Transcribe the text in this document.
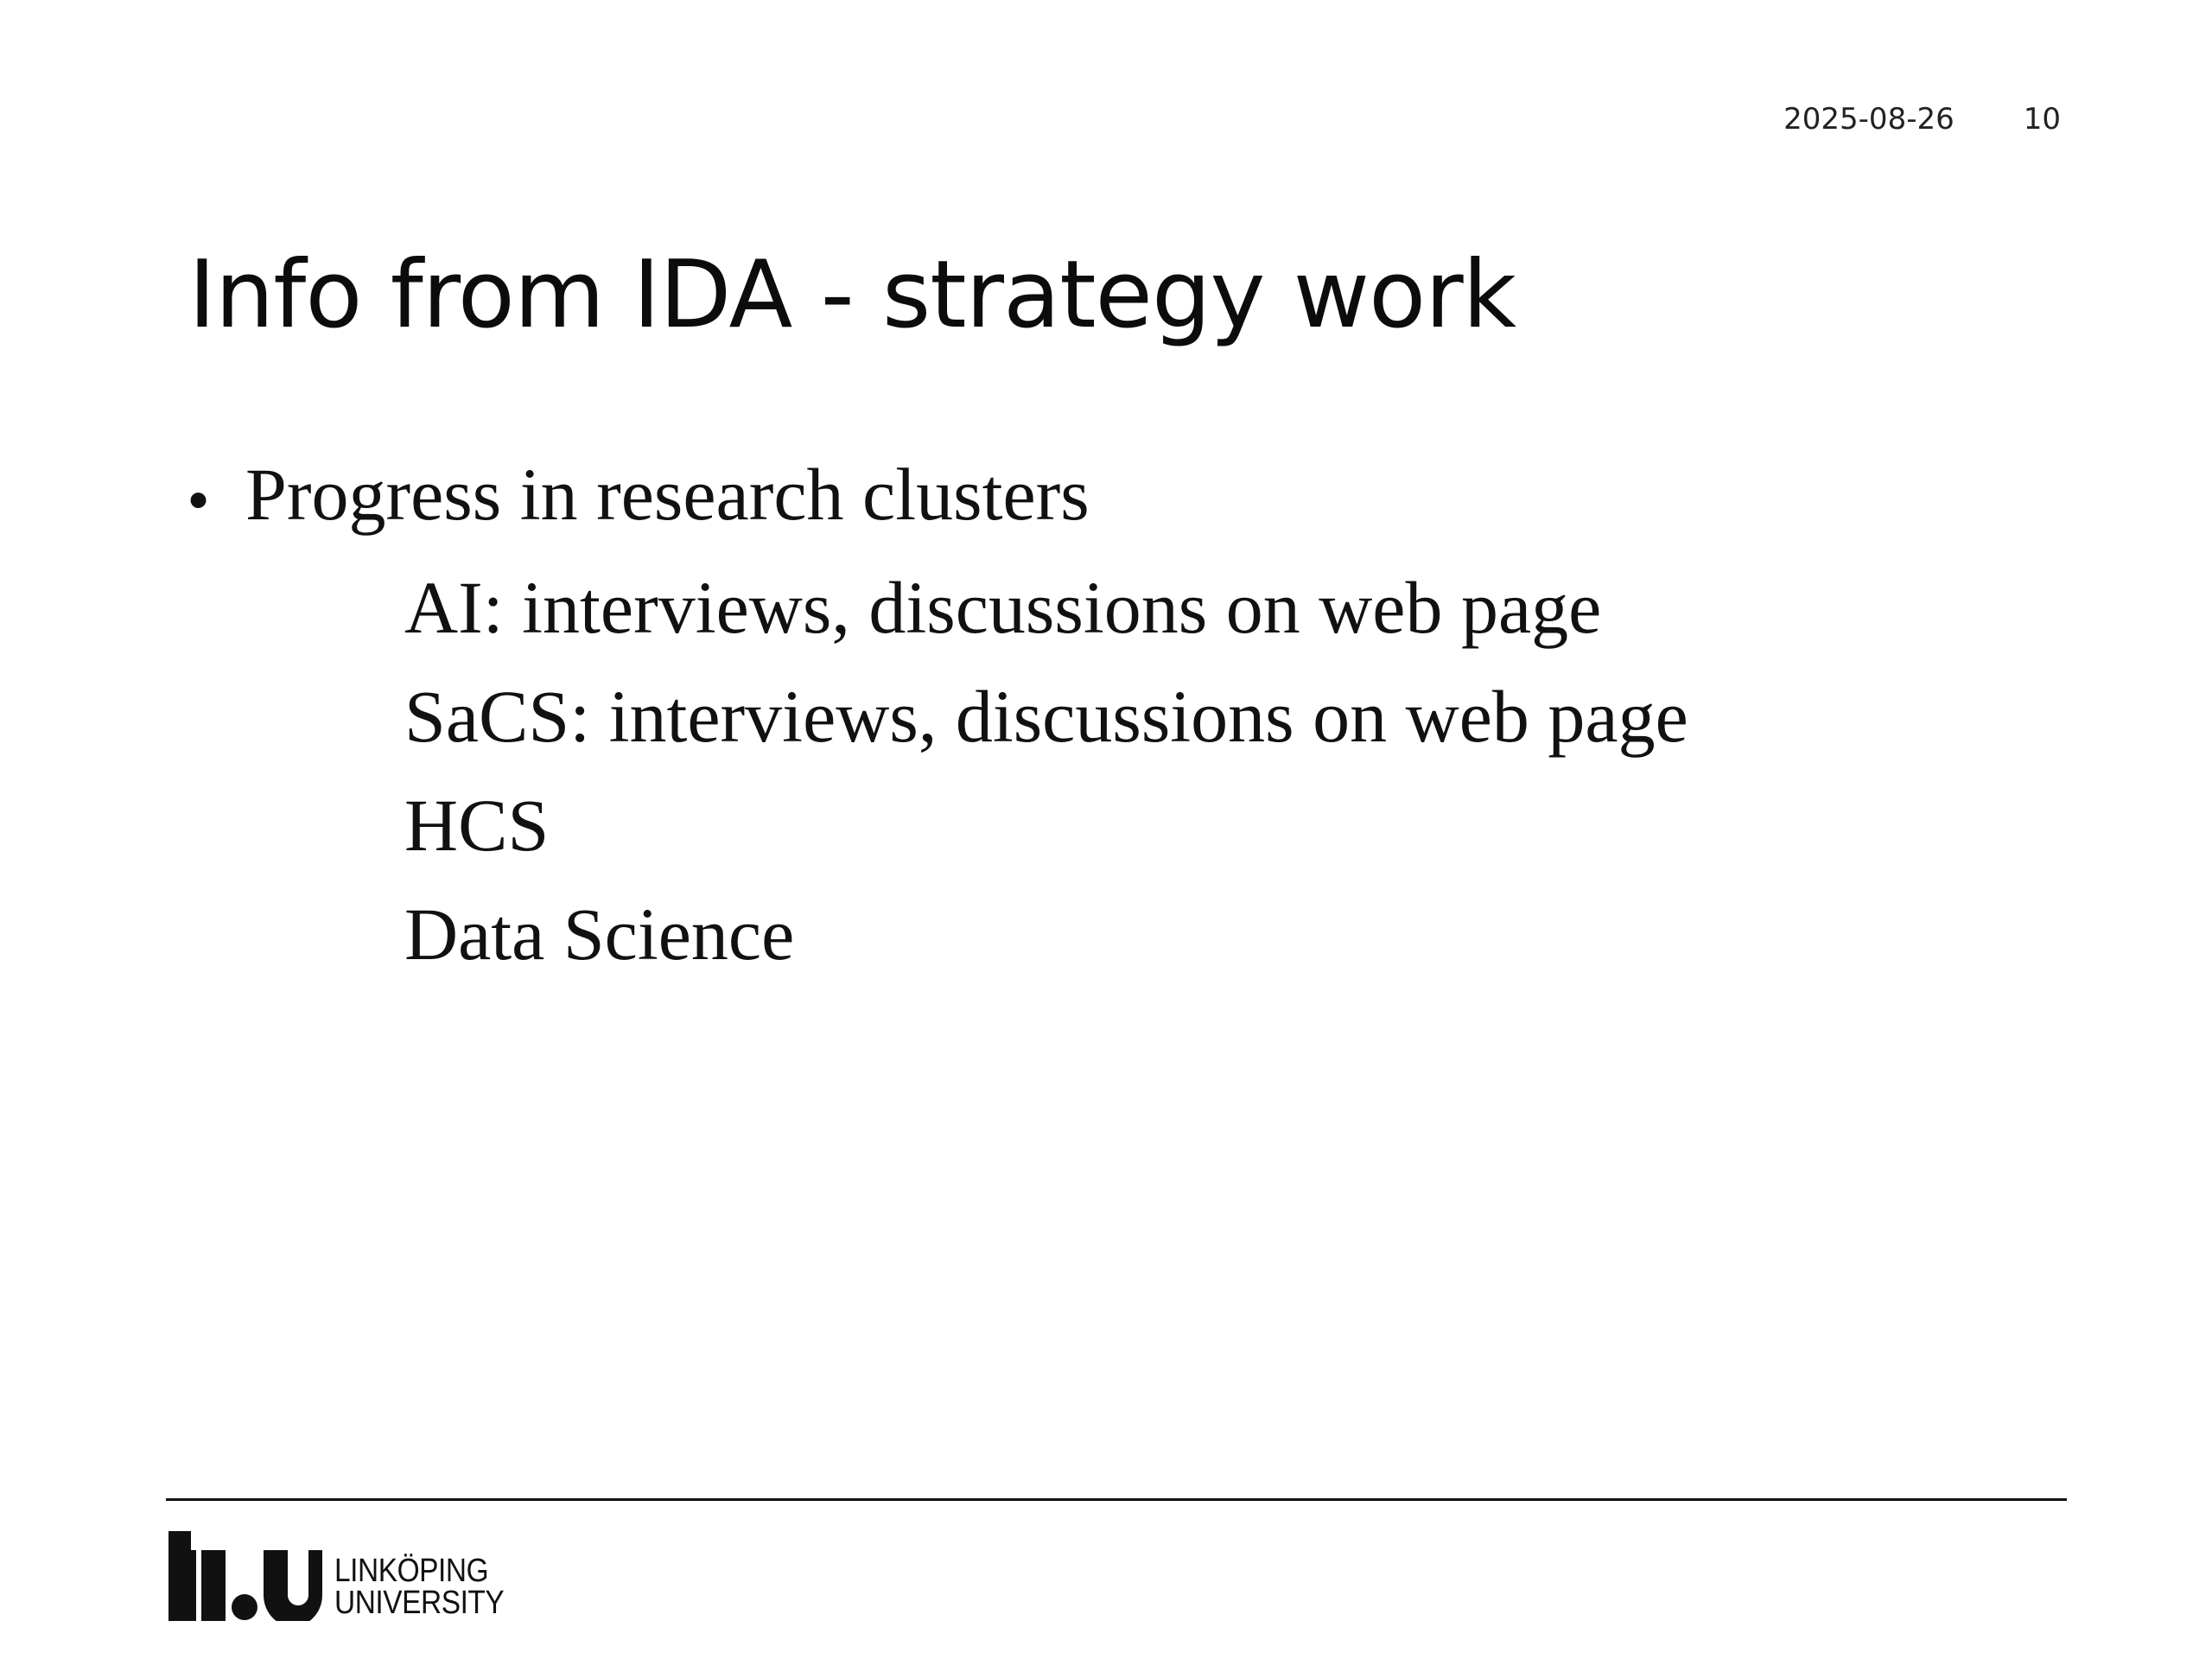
2025-08-26 10
Info from IDA - strategy work
• Progress in research clusters
AI: interviews, discussions on web page
SaCS: interviews, discussions on web page
HCS
Data Science
LINKÖPING
UNIVERSITY
